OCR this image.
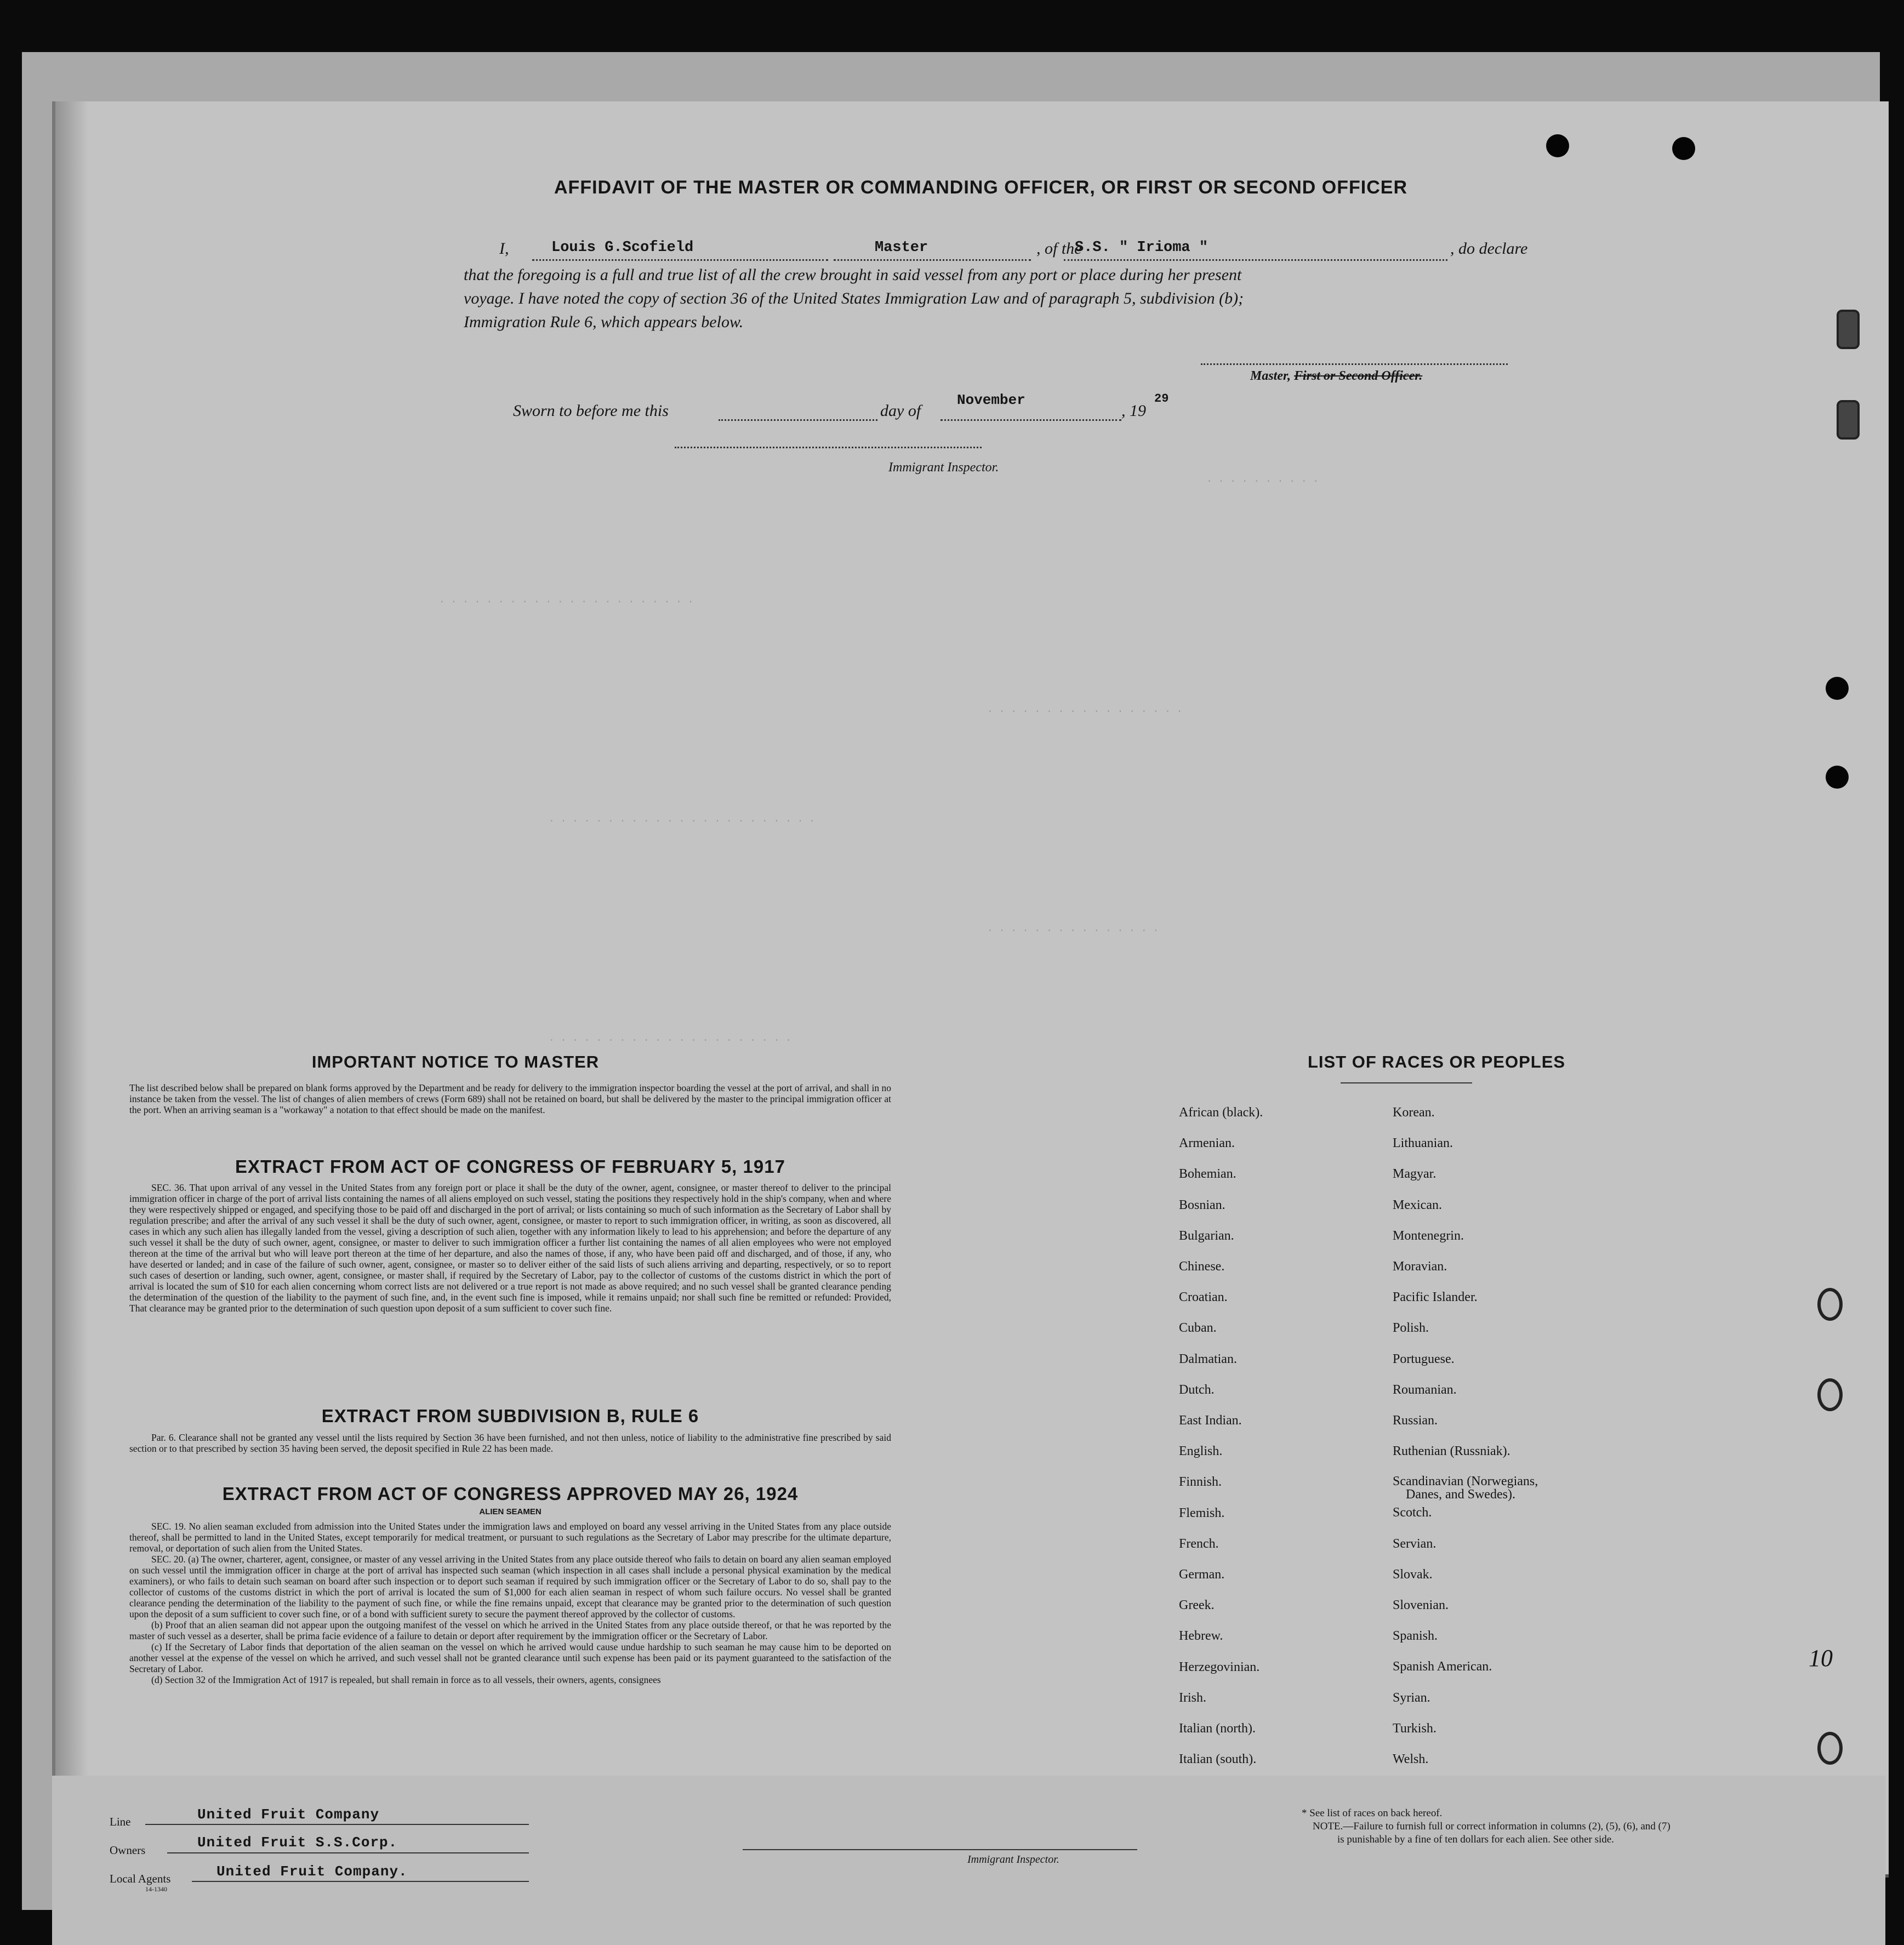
. . . . . . . . . .
. . . . . . . . . . . . . . . . . . . . . .
. . . . . . . . . . . . . . . . .
. . . . . . . . . . . . . . . . . . . . . . .
. . . . . . . . . . . . . . .
. . . . . . . . . . . . . . . . . . . . .
AFFIDAVIT OF THE MASTER OR COMMANDING OFFICER, OR FIRST OR SECOND OFFICER
I,	Louis G.Scofield	Master	, of the
S.S. " Irioma "	, do declare
that the foregoing is a full and true list of all the crew brought in said vessel from any port or place during her present
voyage. I have noted the copy of section 36 of the United States Immigration Law and of paragraph 5, subdivision (b);
Immigration Rule 6, which appears below.
Master, First or Second Officer.
Sworn to before me this	day of
November
, 19
29
Immigrant Inspector.
IMPORTANT NOTICE TO MASTER
The list described below shall be prepared on blank forms approved by the Department and be ready for delivery to the immigration inspector boarding the vessel at the port of arrival, and shall in no instance be taken from the vessel. The list of changes of alien members of crews (Form 689) shall not be retained on board, but shall be delivered by the master to the principal immigration officer at the port. When an arriving seaman is a "workaway" a notation to that effect should be made on the manifest.
EXTRACT FROM ACT OF CONGRESS OF FEBRUARY 5, 1917
SEC. 36. That upon arrival of any vessel in the United States from any foreign port or place it shall be the duty of the owner, agent, consignee, or master thereof to deliver to the principal immigration officer in charge of the port of arrival lists containing the names of all aliens employed on such vessel, stating the positions they respectively hold in the ship's company, when and where they were respectively shipped or engaged, and specifying those to be paid off and discharged in the port of arrival; or lists containing so much of such information as the Secretary of Labor shall by regulation prescribe; and after the arrival of any such vessel it shall be the duty of such owner, agent, consignee, or master to report to such immigration officer, in writing, as soon as discovered, all cases in which any such alien has illegally landed from the vessel, giving a description of such alien, together with any information likely to lead to his apprehension; and before the departure of any such vessel it shall be the duty of such owner, agent, consignee, or master to deliver to such immigration officer a further list containing the names of all alien employees who were not employed thereon at the time of the arrival but who will leave port thereon at the time of her departure, and also the names of those, if any, who have been paid off and discharged, and of those, if any, who have deserted or landed; and in case of the failure of such owner, agent, consignee, or master so to deliver either of the said lists of such aliens arriving and departing, respectively, or so to report such cases of desertion or landing, such owner, agent, consignee, or master shall, if required by the Secretary of Labor, pay to the collector of customs of the customs district in which the port of arrival is located the sum of $10 for each alien concerning whom correct lists are not delivered or a true report is not made as above required; and no such vessel shall be granted clearance pending the determination of the question of the liability to the payment of such fine, and, in the event such fine is imposed, while it remains unpaid; nor shall such fine be remitted or refunded: Provided, That clearance may be granted prior to the determination of such question upon deposit of a sum sufficient to cover such fine.
EXTRACT FROM SUBDIVISION B, RULE 6
Par. 6. Clearance shall not be granted any vessel until the lists required by Section 36 have been furnished, and not then unless, notice of liability to the administrative fine prescribed by said section or to that prescribed by section 35 having been served, the deposit specified in Rule 22 has been made.
EXTRACT FROM ACT OF CONGRESS APPROVED MAY 26, 1924
ALIEN SEAMEN
SEC. 19. No alien seaman excluded from admission into the United States under the immigration laws and employed on board any vessel arriving in the United States from any place outside thereof, shall be permitted to land in the United States, except temporarily for medical treatment, or pursuant to such regulations as the Secretary of Labor may prescribe for the ultimate departure, removal, or deportation of such alien from the United States.
SEC. 20. (a) The owner, charterer, agent, consignee, or master of any vessel arriving in the United States from any place outside thereof who fails to detain on board any alien seaman employed on such vessel until the immigration officer in charge at the port of arrival has inspected such seaman (which inspection in all cases shall include a personal physical examination by the medical examiners), or who fails to detain such seaman on board after such inspection or to deport such seaman if required by such immigration officer or the Secretary of Labor to do so, shall pay to the collector of customs of the customs district in which the port of arrival is located the sum of $1,000 for each alien seaman in respect of whom such failure occurs. No vessel shall be granted clearance pending the determination of the liability to the payment of such fine, or while the fine remains unpaid, except that clearance may be granted prior to the determination of such question upon the deposit of a sum sufficient to cover such fine, or of a bond with sufficient surety to secure the payment thereof approved by the collector of customs.
(b) Proof that an alien seaman did not appear upon the outgoing manifest of the vessel on which he arrived in the United States from any place outside thereof, or that he was reported by the master of such vessel as a deserter, shall be prima facie evidence of a failure to detain or deport after requirement by the immigration officer or the Secretary of Labor.
(c) If the Secretary of Labor finds that deportation of the alien seaman on the vessel on which he arrived would cause undue hardship to such seaman he may cause him to be deported on another vessel at the expense of the vessel on which he arrived, and such vessel shall not be granted clearance until such expense has been paid or its payment guaranteed to the satisfaction of the Secretary of Labor.
(d) Section 32 of the Immigration Act of 1917 is repealed, but shall remain in force as to all vessels, their owners, agents, consignees
LIST OF RACES OR PEOPLES
African (black).
Armenian.
Bohemian.
Bosnian.
Bulgarian.
Chinese.
Croatian.
Cuban.
Dalmatian.
Dutch.
East Indian.
English.
Finnish.
Flemish.
French.
German.
Greek.
Hebrew.
Herzegovinian.
Irish.
Italian (north).
Italian (south).
Korean.
Lithuanian.
Magyar.
Mexican.
Montenegrin.
Moravian.
Pacific Islander.
Polish.
Portuguese.
Roumanian.
Russian.
Ruthenian (Russniak).
Scandinavian (Norwegians,
Danes, and Swedes).
Scotch.
Servian.
Slovak.
Slovenian.
Spanish.
Spanish American.
Syrian.
Turkish.
Welsh.
Line	United Fruit Company
Owners	United Fruit S.S.Corp.
Local Agents	United Fruit Company.
14-1340
Immigrant Inspector.
* See list of races on back hereof.
NOTE.—Failure to furnish full or correct information in columns (2), (5), (6), and (7)
is punishable by a fine of ten dollars for each alien. See other side.
10
